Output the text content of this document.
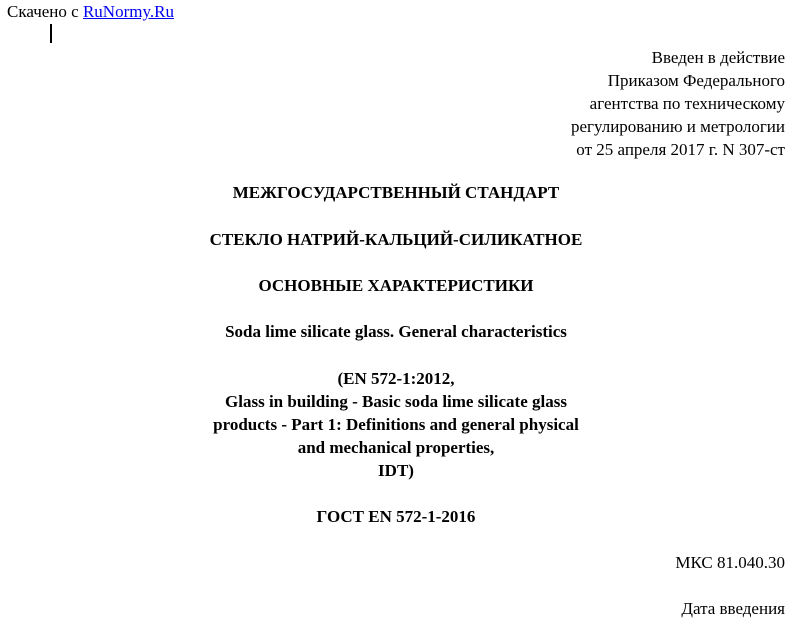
Скачено с RuNormy.Ru
Введен в действие
Приказом Федерального
агентства по техническому
регулированию и метрологии
от 25 апреля 2017 г. N 307-ст
МЕЖГОСУДАРСТВЕННЫЙ СТАНДАРТ
СТЕКЛО НАТРИЙ-КАЛЬЦИЙ-СИЛИКАТНОЕ
ОСНОВНЫЕ ХАРАКТЕРИСТИКИ
Soda lime silicate glass. General characteristics
(EN 572-1:2012,
Glass in building - Basic soda lime silicate glass
products - Part 1: Definitions and general physical
and mechanical properties,
IDT)
ГОСТ EN 572-1-2016
МКС 81.040.30
Дата введения
